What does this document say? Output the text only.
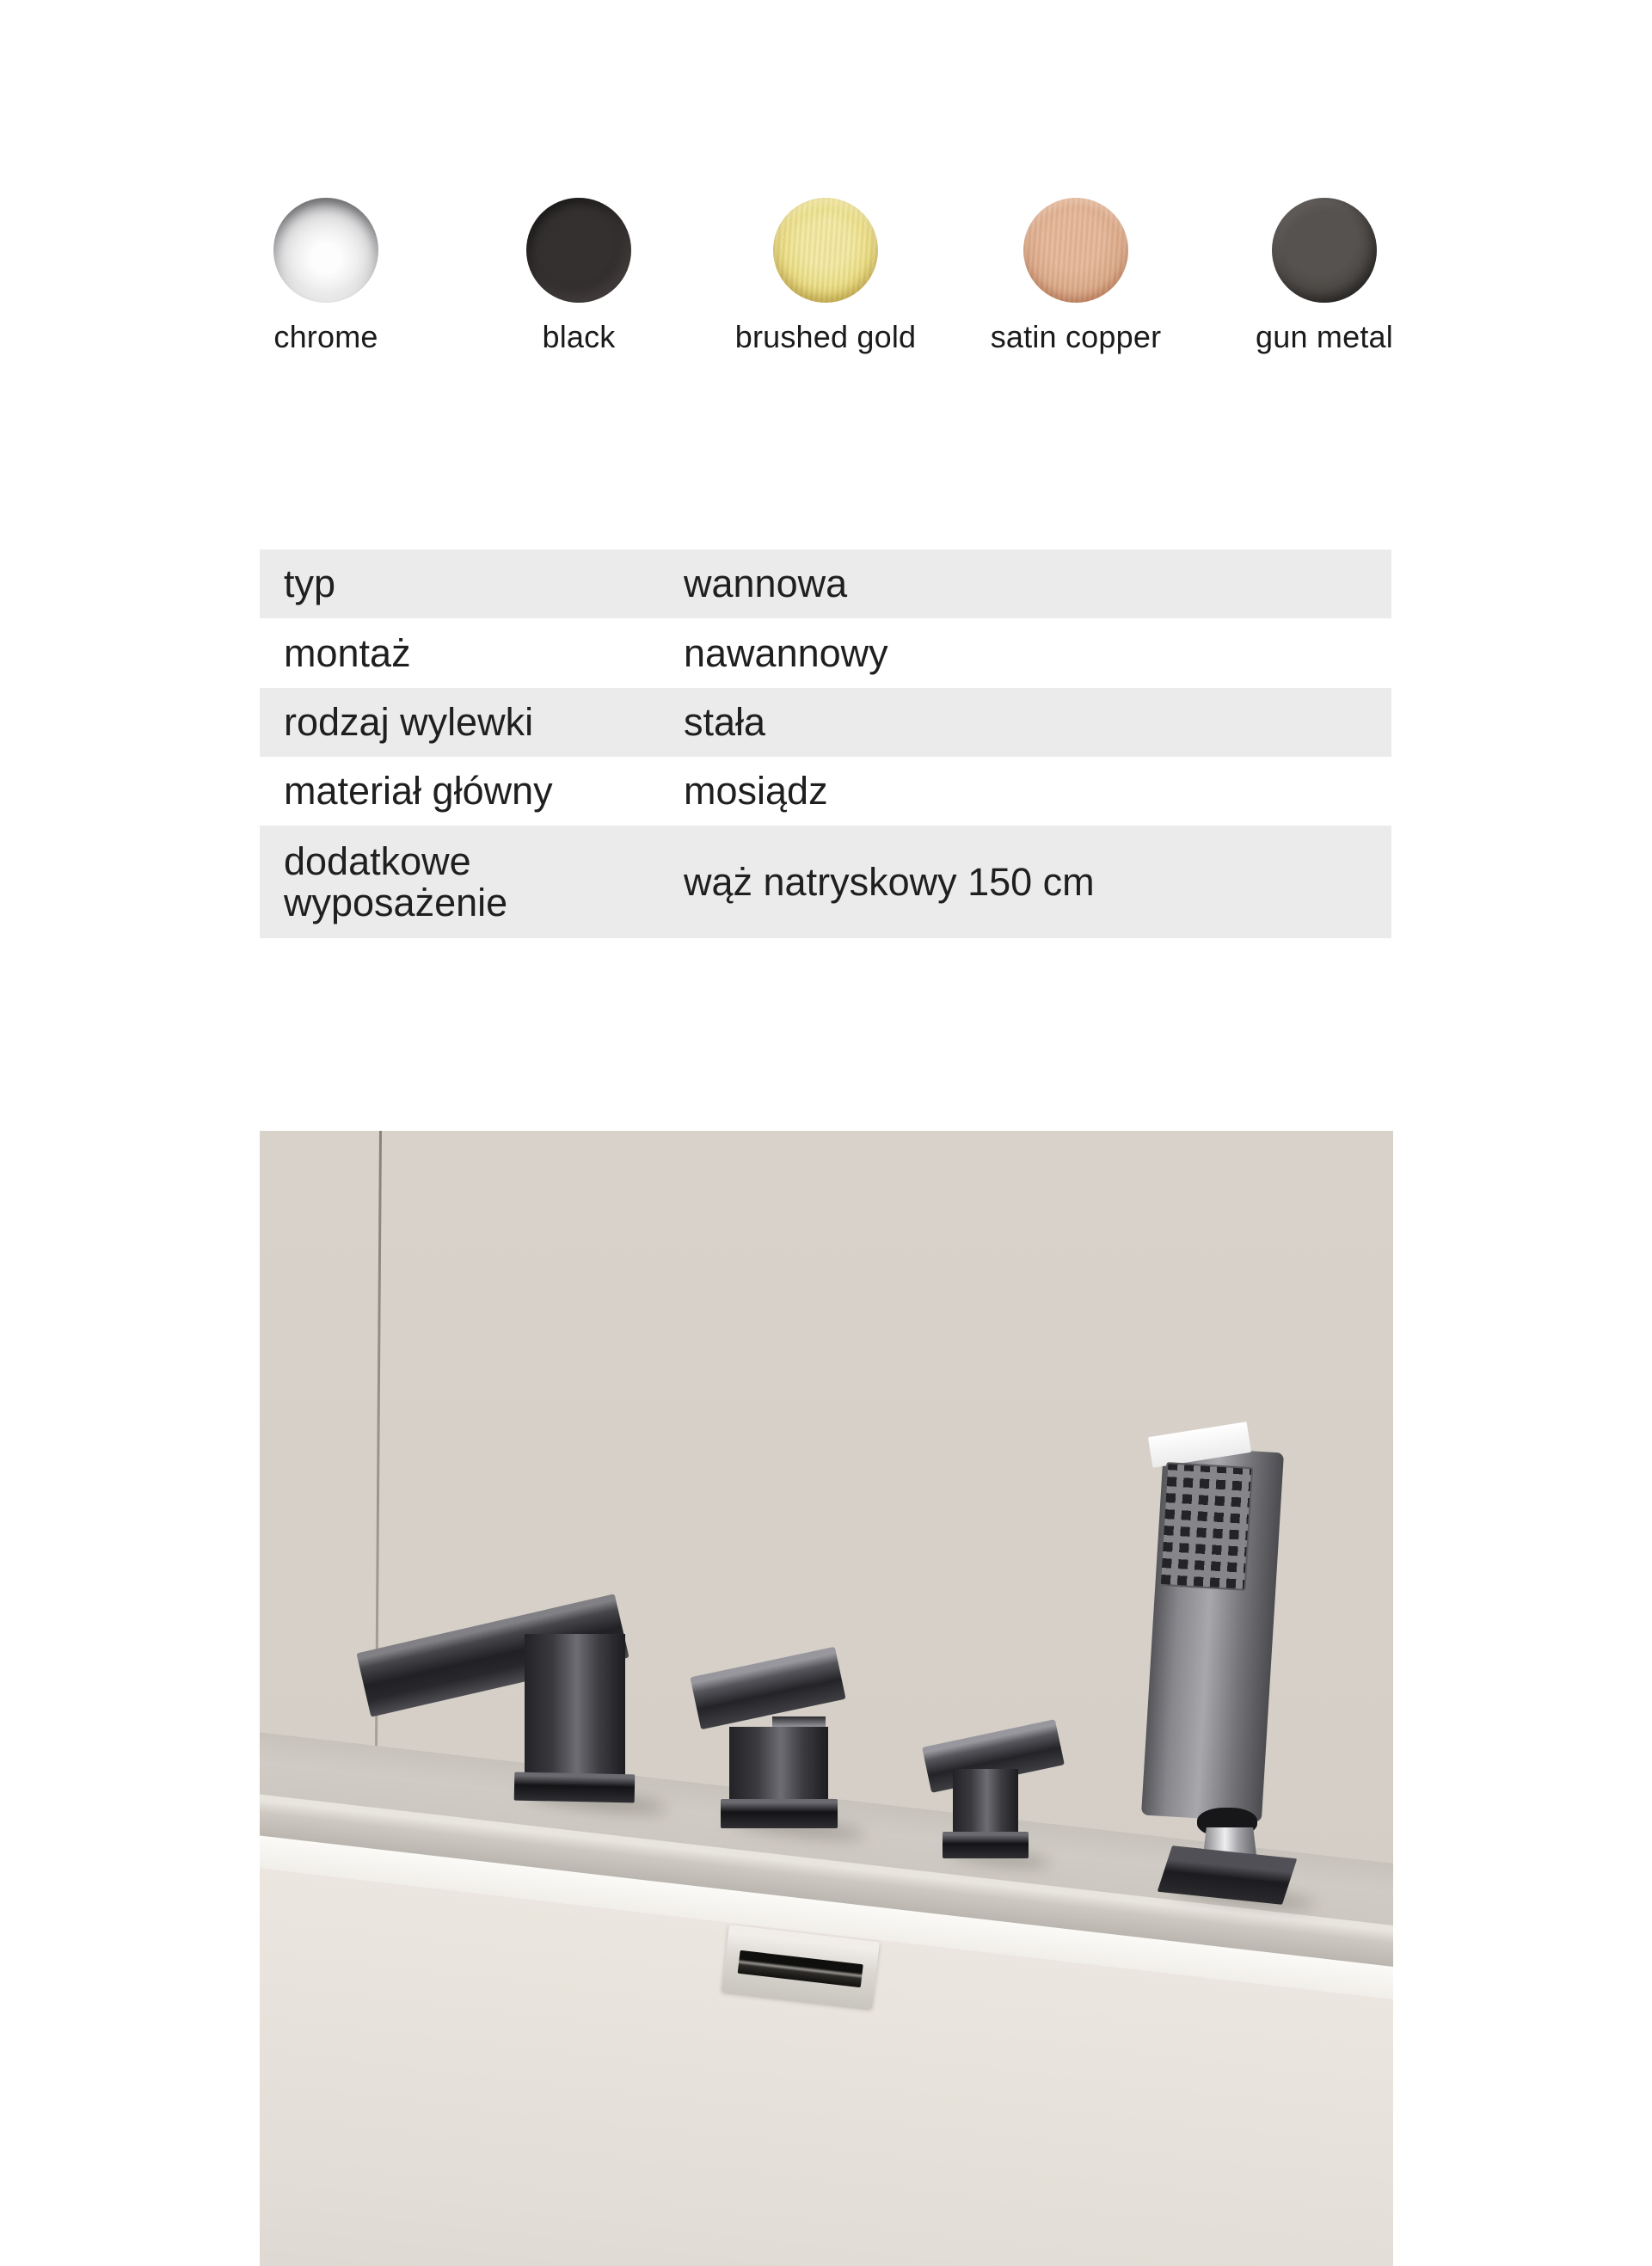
chrome	black	brushed gold satin copper	gun metal
typ	wannowa
montaż	nawannowy
rodzaj wylewki	stała
materiał główny	mosiądz
dodatkowe wyposażenie	wąż natryskowy 150 cm
